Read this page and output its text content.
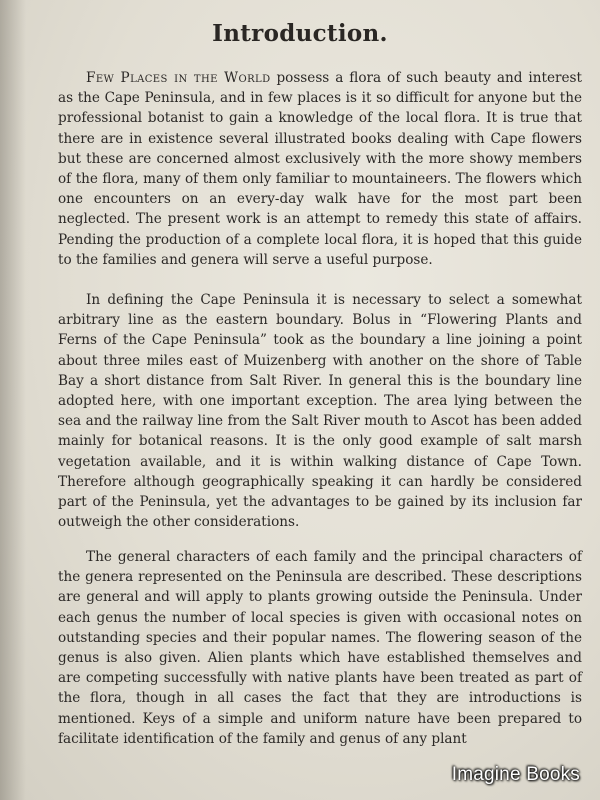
Introduction.

Few Places in the World possess a flora of such beauty and interest as the Cape Peninsula, and in few places is it so difficult for anyone but the professional botanist to gain a knowledge of the local flora. It is true that there are in existence several illustrated books dealing with Cape flowers but these are concerned almost exclusively with the more showy members of the flora, many of them only familiar to mountaineers. The flowers which one encounters on an every-day walk have for the most part been neglected. The present work is an attempt to remedy this state of affairs. Pending the production of a complete local flora, it is hoped that this guide to the families and genera will serve a useful purpose.

In defining the Cape Peninsula it is necessary to select a somewhat arbitrary line as the eastern boundary. Bolus in “Flowering Plants and Ferns of the Cape Peninsula” took as the boundary a line joining a point about three miles east of Muizenberg with another on the shore of Table Bay a short distance from Salt River. In general this is the boundary line adopted here, with one important exception. The area lying between the sea and the railway line from the Salt River mouth to Ascot has been added mainly for botanical reasons. It is the only good example of salt marsh vegetation available, and it is within walking distance of Cape Town. Therefore although geographically speaking it can hardly be considered part of the Peninsula, yet the advantages to be gained by its inclusion far outweigh the other considerations.

The general characters of each family and the principal characters of the genera represented on the Peninsula are described. These descriptions are general and will apply to plants growing outside the Peninsula. Under each genus the number of local species is given with occasional notes on outstanding species and their popular names. The flowering season of the genus is also given. Alien plants which have established themselves and are competing successfully with native plants have been treated as part of the flora, though in all cases the fact that they are introductions is mentioned. Keys of a simple and uniform nature have been prepared to facilitate identification of the family and genus of any plant

Imagine Books
